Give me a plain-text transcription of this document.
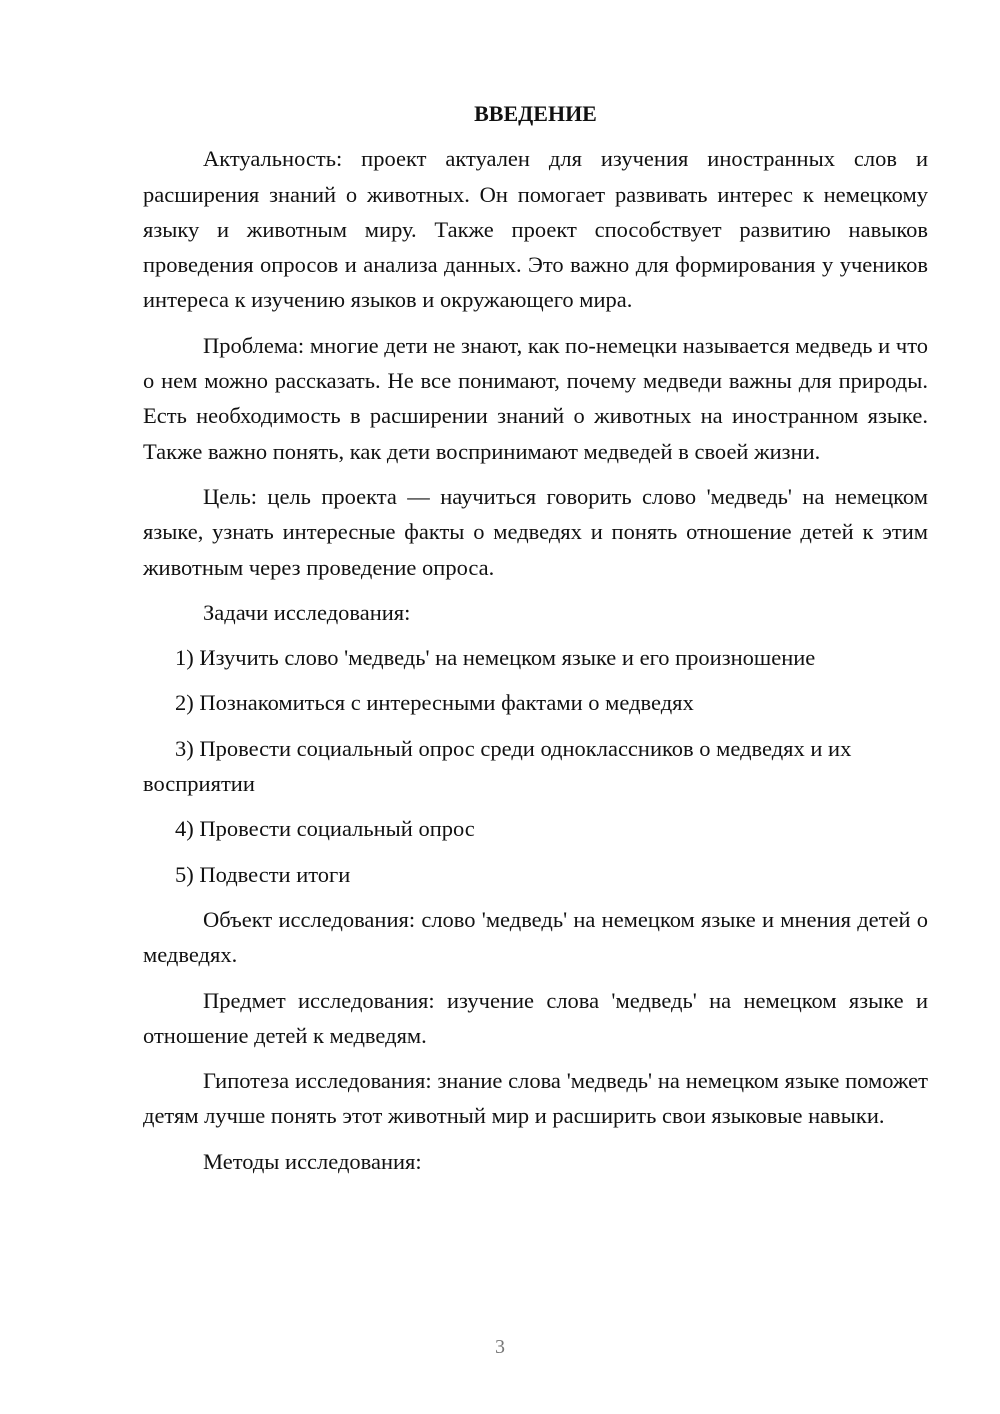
ВВЕДЕНИЕ
Актуальность: проект актуален для изучения иностранных слов и расширения знаний о животных. Он помогает развивать интерес к немецкому языку и животным миру. Также проект способствует развитию навыков проведения опросов и анализа данных. Это важно для формирования у учеников интереса к изучению языков и окружающего мира.
Проблема: многие дети не знают, как по-немецки называется медведь и что о нем можно рассказать. Не все понимают, почему медведи важны для природы. Есть необходимость в расширении знаний о животных на иностранном языке. Также важно понять, как дети воспринимают медведей в своей жизни.
Цель: цель проекта — научиться говорить слово 'медведь' на немецком языке, узнать интересные факты о медведях и понять отношение детей к этим животным через проведение опроса.
Задачи исследования:
1) Изучить слово 'медведь' на немецком языке и его произношение
2) Познакомиться с интересными фактами о медведях
3) Провести социальный опрос среди одноклассников о медведях и их восприятии
4) Провести социальный опрос
5) Подвести итоги
Объект исследования: слово 'медведь' на немецком языке и мнения детей о медведях.
Предмет исследования: изучение слова 'медведь' на немецком языке и отношение детей к медведям.
Гипотеза исследования: знание слова 'медведь' на немецком языке поможет детям лучше понять этот животный мир и расширить свои языковые навыки.
Методы исследования:
3
